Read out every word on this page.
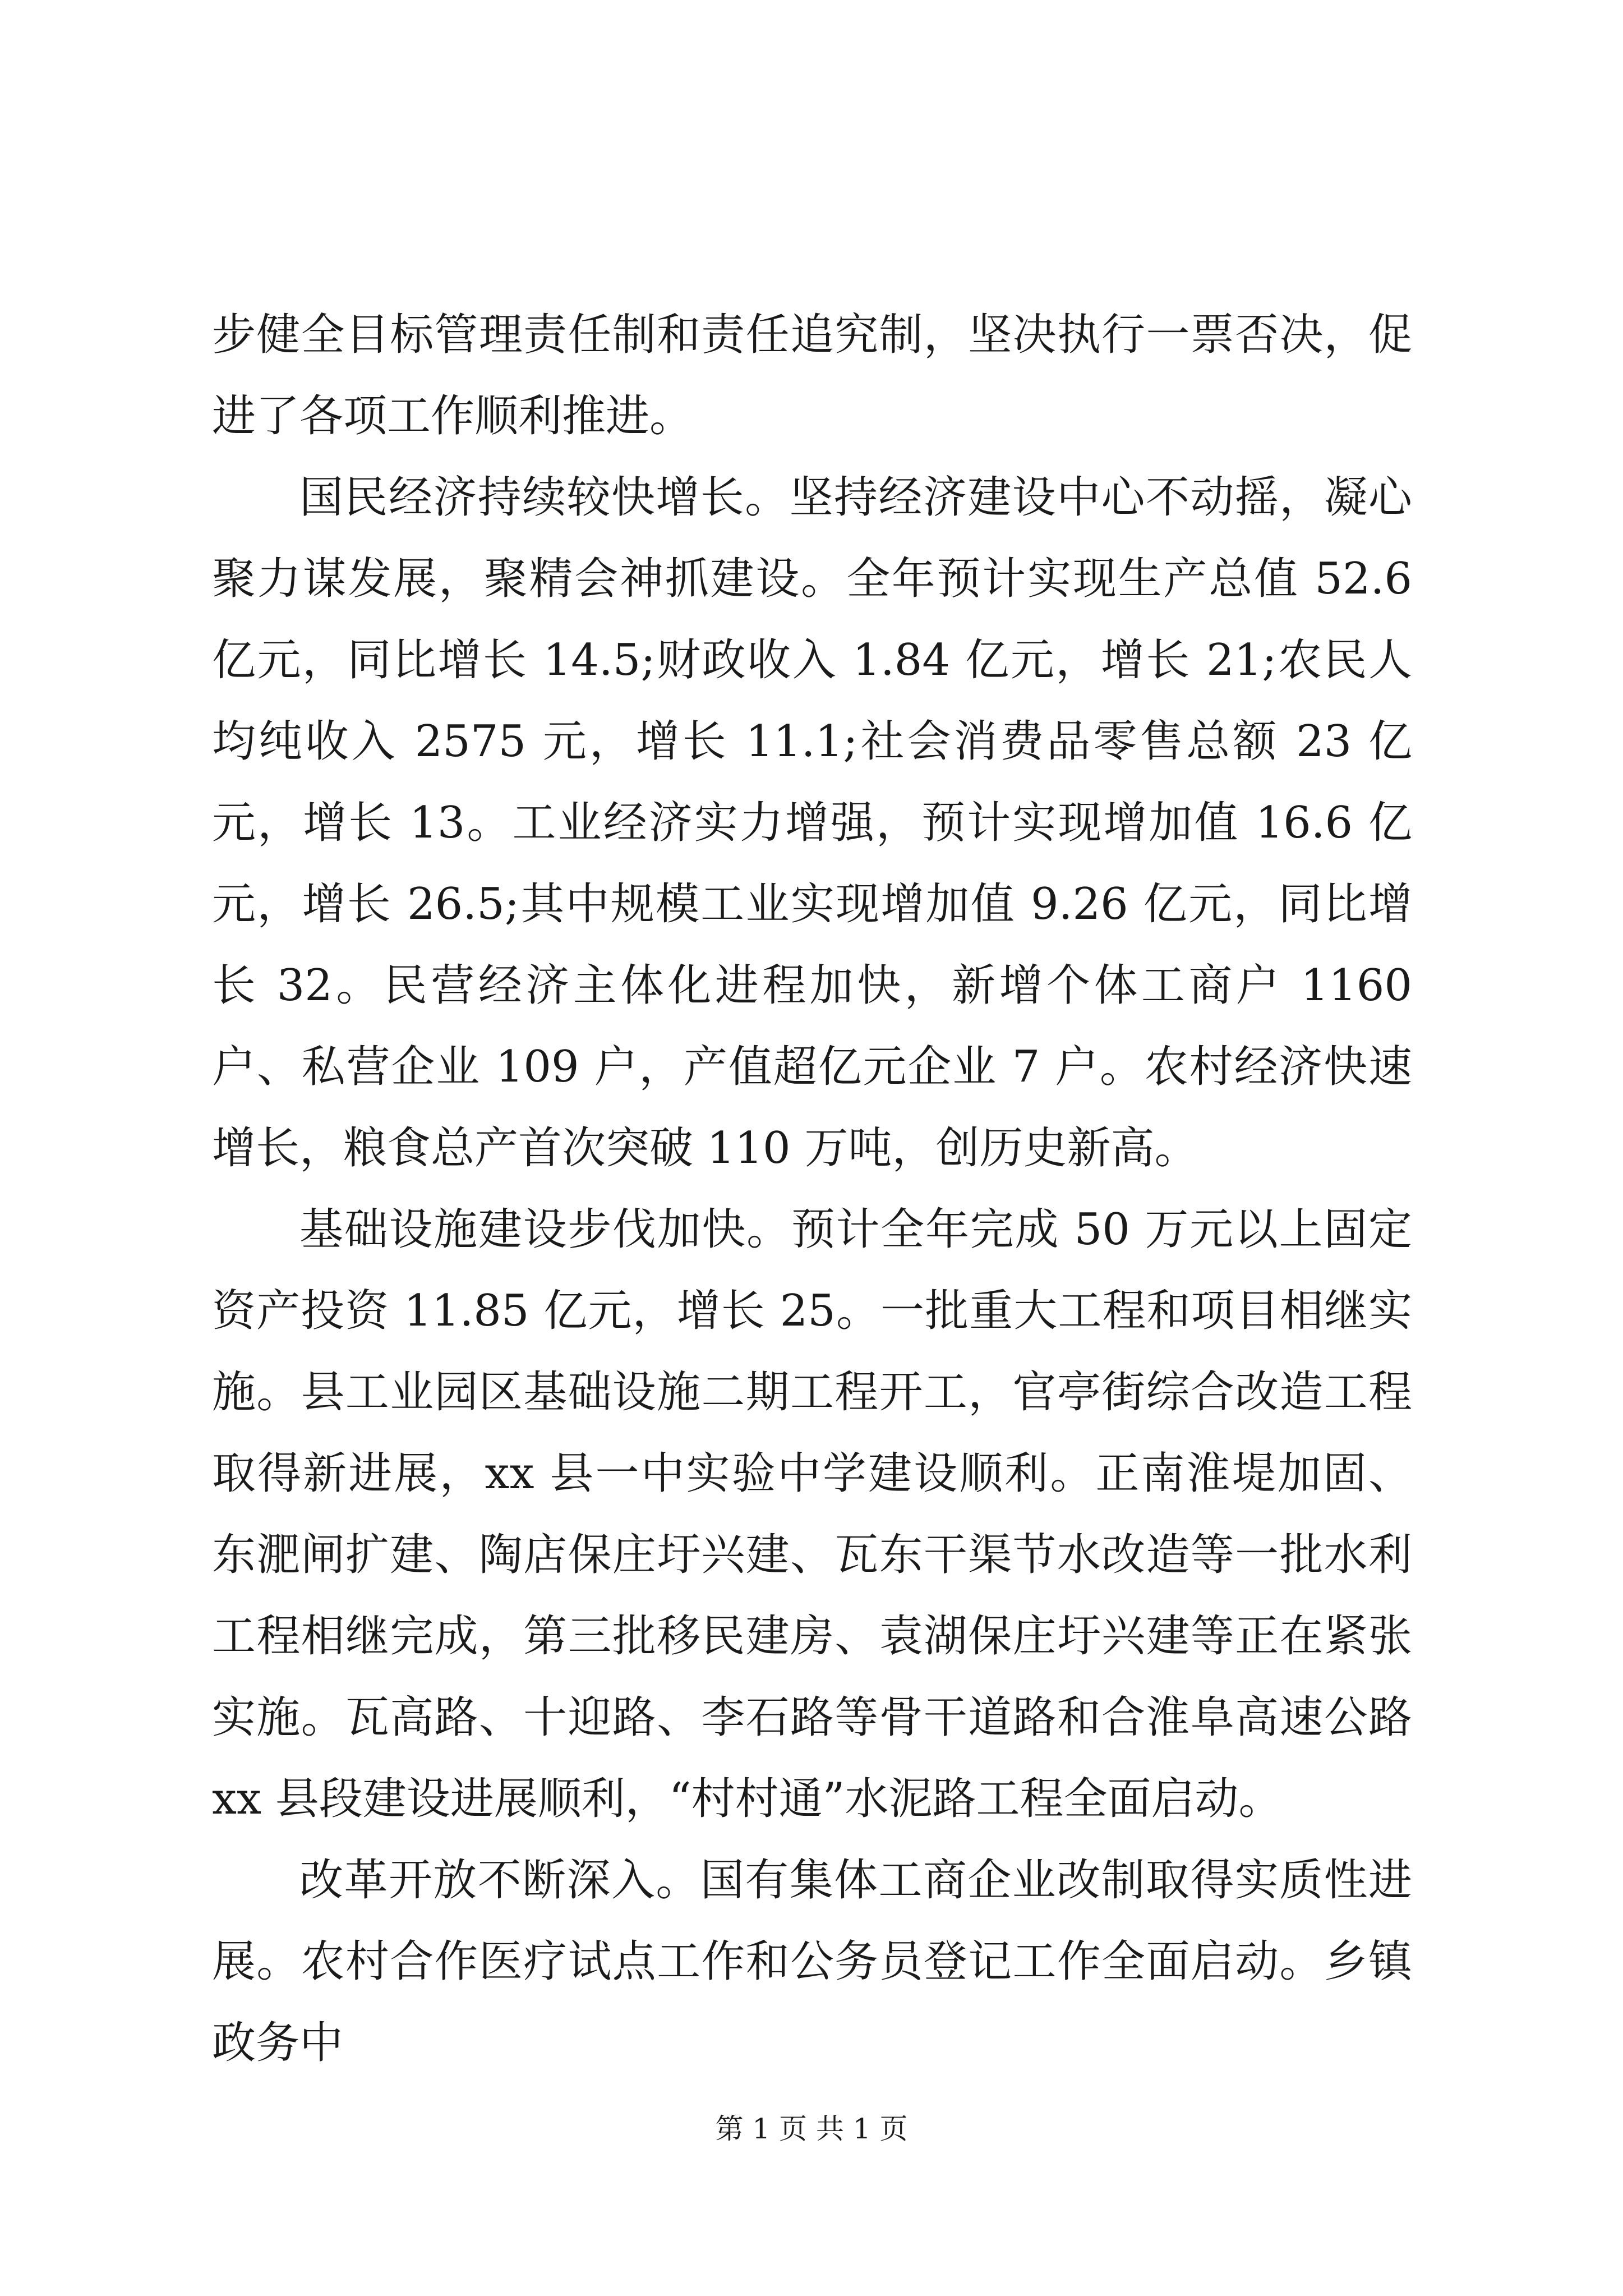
步健全目标管理责任制和责任追究制，坚决执行一票否决，促进了各项工作顺利推进。

国民经济持续较快增长。坚持经济建设中心不动摇，凝心聚力谋发展，聚精会神抓建设。全年预计实现生产总值 52.6 亿元，同比增长 14.5;财政收入 1.84 亿元，增长 21;农民人均纯收入 2575 元，增长 11.1;社会消费品零售总额 23 亿元，增长 13。工业经济实力增强，预计实现增加值 16.6 亿元，增长 26.5;其中规模工业实现增加值 9.26 亿元，同比增长 32。民营经济主体化进程加快，新增个体工商户 1160 户、私营企业 109 户，产值超亿元企业 7 户。农村经济快速增长，粮食总产首次突破 110 万吨，创历史新高。

基础设施建设步伐加快。预计全年完成 50 万元以上固定资产投资 11.85 亿元，增长 25。一批重大工程和项目相继实施。县工业园区基础设施二期工程开工，官亭街综合改造工程取得新进展，xx 县一中实验中学建设顺利。正南淮堤加固、东淝闸扩建、陶店保庄圩兴建、瓦东干渠节水改造等一批水利工程相继完成，第三批移民建房、袁湖保庄圩兴建等正在紧张实施。瓦高路、十迎路、李石路等骨干道路和合淮阜高速公路 xx 县段建设进展顺利，“村村通”水泥路工程全面启动。

改革开放不断深入。国有集体工商企业改制取得实质性进展。农村合作医疗试点工作和公务员登记工作全面启动。乡镇政务中

第 1 页 共 1 页
